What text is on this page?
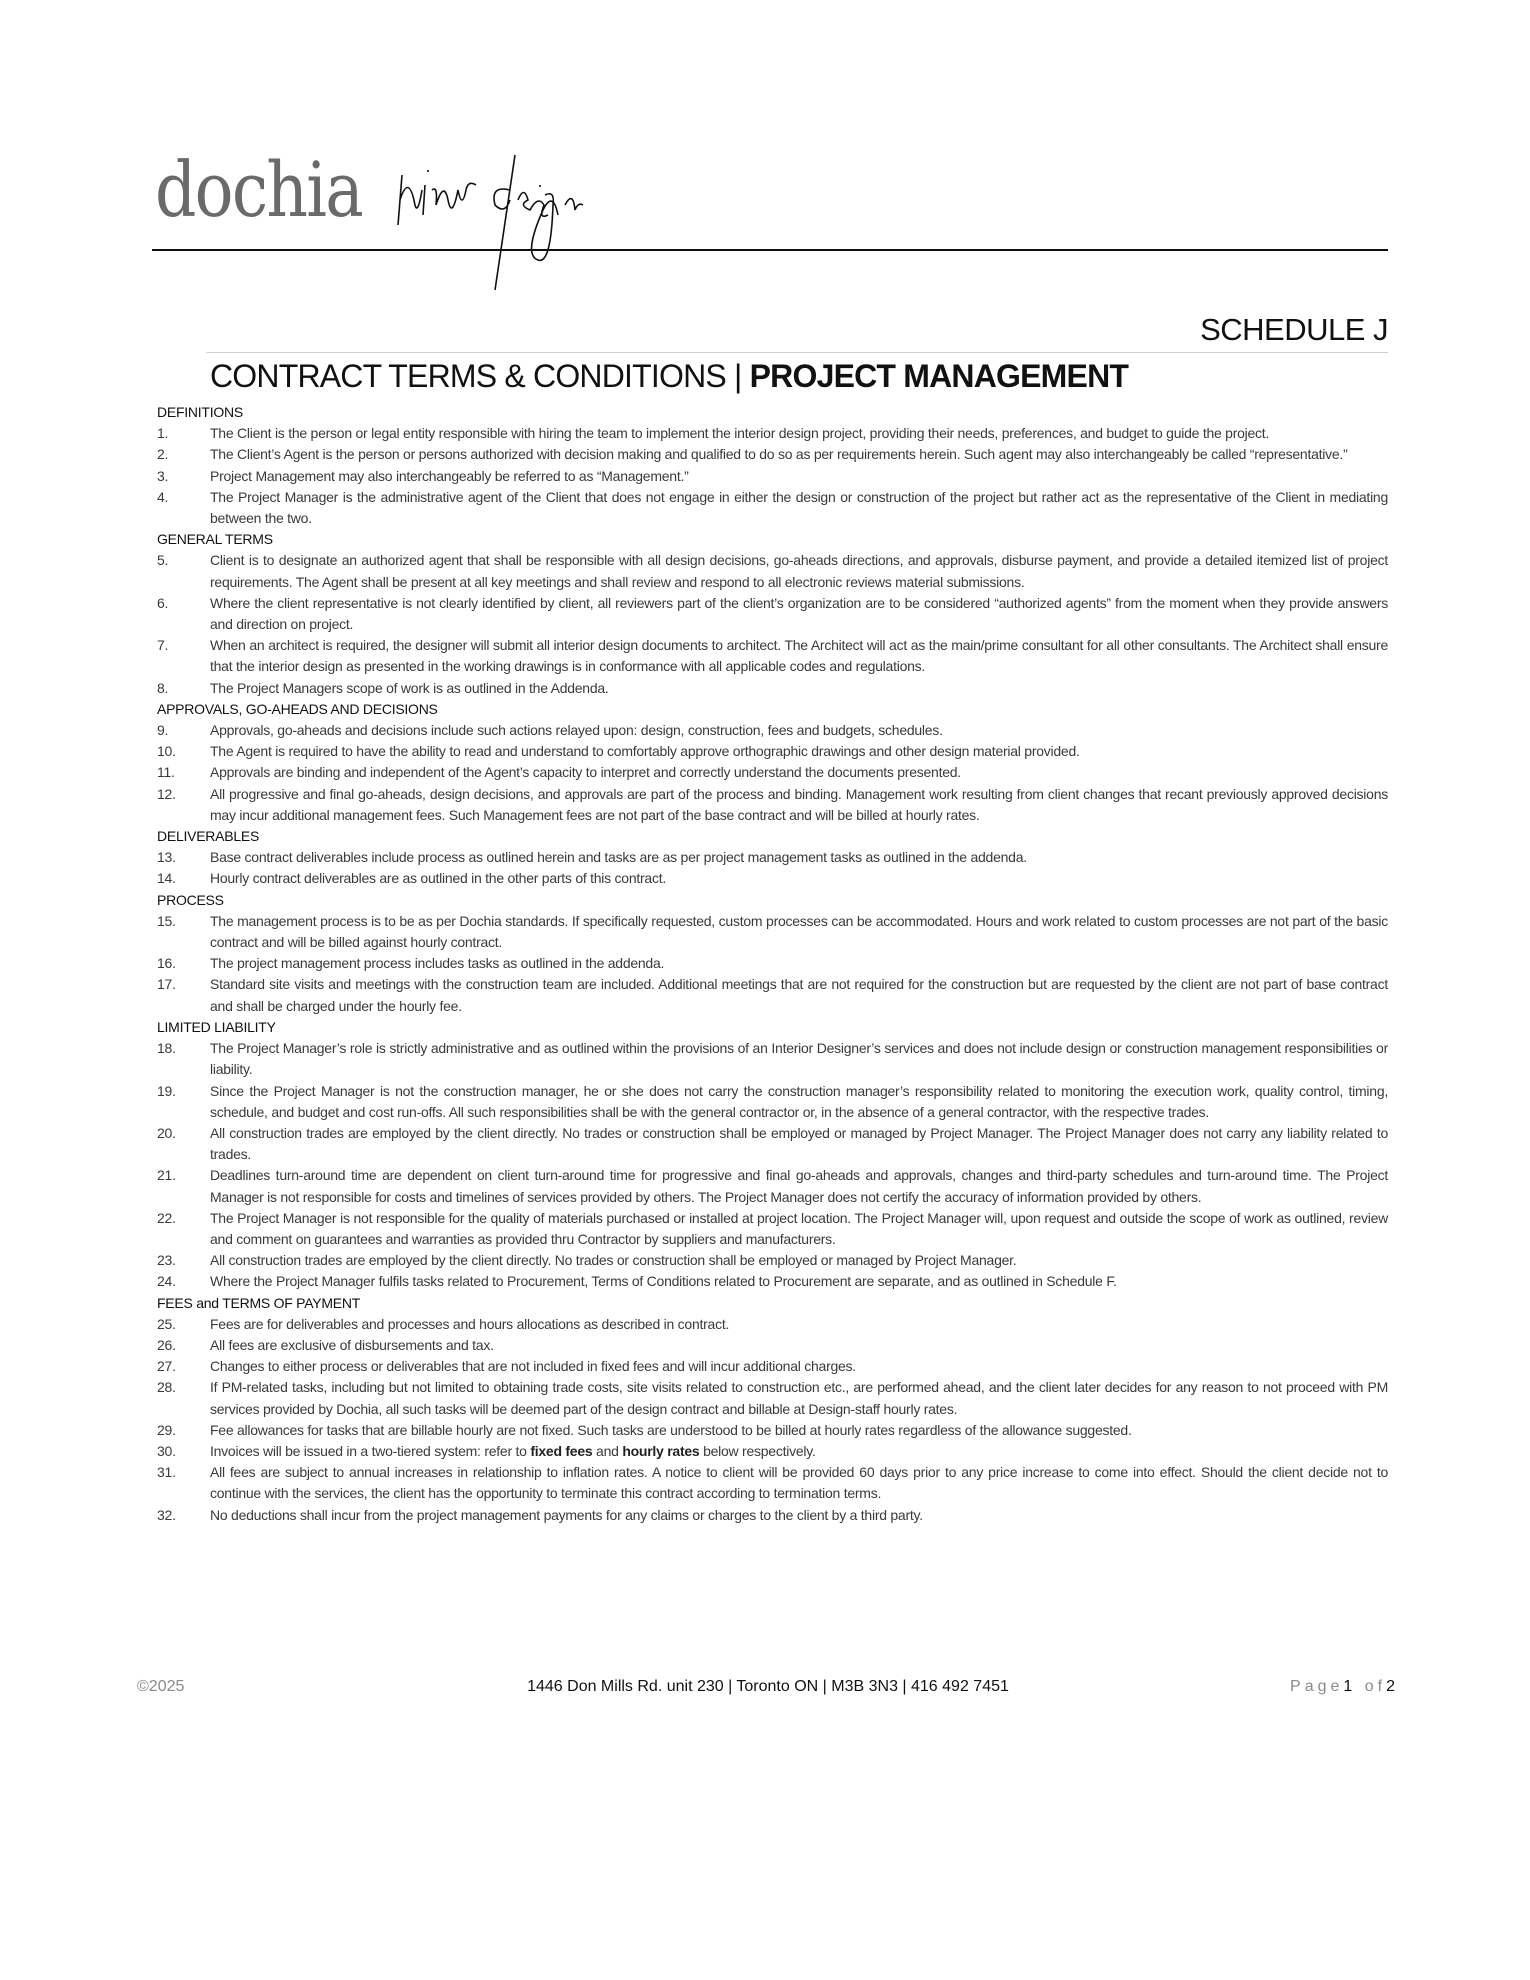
dochia
SCHEDULE J
CONTRACT TERMS & CONDITIONS | PROJECT MANAGEMENT
DEFINITIONS
1.	The Client is the person or legal entity responsible with hiring the team to implement the interior design project, providing their needs, preferences, and budget to guide the project.
2.	The Client’s Agent is the person or persons authorized with decision making and qualified to do so as per requirements herein. Such agent may also interchangeably be called “representative.”
3.	Project Management may also interchangeably be referred to as “Management.”
4.	The Project Manager is the administrative agent of the Client that does not engage in either the design or construction of the project but rather act as the representative of the Client in mediating between the two.
GENERAL TERMS
5.	Client is to designate an authorized agent that shall be responsible with all design decisions, go-aheads directions, and approvals, disburse payment, and provide a detailed itemized list of project requirements. The Agent shall be present at all key meetings and shall review and respond to all electronic reviews material submissions.
6.	Where the client representative is not clearly identified by client, all reviewers part of the client’s organization are to be considered “authorized agents” from the moment when they provide answers and direction on project.
7.	When an architect is required, the designer will submit all interior design documents to architect. The Architect will act as the main/prime consultant for all other consultants. The Architect shall ensure that the interior design as presented in the working drawings is in conformance with all applicable codes and regulations.
8.	The Project Managers scope of work is as outlined in the Addenda.
APPROVALS, GO-AHEADS AND DECISIONS
9.	Approvals, go-aheads and decisions include such actions relayed upon: design, construction, fees and budgets, schedules.
10.	The Agent is required to have the ability to read and understand to comfortably approve orthographic drawings and other design material provided.
11.	Approvals are binding and independent of the Agent’s capacity to interpret and correctly understand the documents presented.
12.	All progressive and final go-aheads, design decisions, and approvals are part of the process and binding. Management work resulting from client changes that recant previously approved decisions may incur additional management fees. Such Management fees are not part of the base contract and will be billed at hourly rates.
DELIVERABLES
13.	Base contract deliverables include process as outlined herein and tasks are as per project management tasks as outlined in the addenda.
14.	Hourly contract deliverables are as outlined in the other parts of this contract.
PROCESS
15.	The management process is to be as per Dochia standards. If specifically requested, custom processes can be accommodated. Hours and work related to custom processes are not part of the basic contract and will be billed against hourly contract.
16.	The project management process includes tasks as outlined in the addenda.
17.	Standard site visits and meetings with the construction team are included. Additional meetings that are not required for the construction but are requested by the client are not part of base contract and shall be charged under the hourly fee.
LIMITED LIABILITY
18.	The Project Manager’s role is strictly administrative and as outlined within the provisions of an Interior Designer’s services and does not include design or construction management responsibilities or liability.
19.	Since the Project Manager is not the construction manager, he or she does not carry the construction manager’s responsibility related to monitoring the execution work, quality control, timing, schedule, and budget and cost run-offs. All such responsibilities shall be with the general contractor or, in the absence of a general contractor, with the respective trades.
20.	All construction trades are employed by the client directly. No trades or construction shall be employed or managed by Project Manager. The Project Manager does not carry any liability related to trades.
21.	Deadlines turn-around time are dependent on client turn-around time for progressive and final go-aheads and approvals, changes and third-party schedules and turn-around time. The Project Manager is not responsible for costs and timelines of services provided by others. The Project Manager does not certify the accuracy of information provided by others.
22.	The Project Manager is not responsible for the quality of materials purchased or installed at project location. The Project Manager will, upon request and outside the scope of work as outlined, review and comment on guarantees and warranties as provided thru Contractor by suppliers and manufacturers.
23.	All construction trades are employed by the client directly. No trades or construction shall be employed or managed by Project Manager.
24.	Where the Project Manager fulfils tasks related to Procurement, Terms of Conditions related to Procurement are separate, and as outlined in Schedule F.
FEES and TERMS OF PAYMENT
25.	Fees are for deliverables and processes and hours allocations as described in contract.
26.	All fees are exclusive of disbursements and tax.
27.	Changes to either process or deliverables that are not included in fixed fees and will incur additional charges.
28.	If PM-related tasks, including but not limited to obtaining trade costs, site visits related to construction etc., are performed ahead, and the client later decides for any reason to not proceed with PM services provided by Dochia, all such tasks will be deemed part of the design contract and billable at Design-staff hourly rates.
29.	Fee allowances for tasks that are billable hourly are not fixed. Such tasks are understood to be billed at hourly rates regardless of the allowance suggested.
30.	Invoices will be issued in a two-tiered system: refer to fixed fees and hourly rates below respectively.
31.	All fees are subject to annual increases in relationship to inflation rates. A notice to client will be provided 60 days prior to any price increase to come into effect. Should the client decide not to continue with the services, the client has the opportunity to terminate this contract according to termination terms.
32.	No deductions shall incur from the project management payments for any claims or charges to the client by a third party.
©2025	1446 Don Mills Rd. unit 230 | Toronto ON | M3B 3N3 | 416 492 7451	Page1 of2
